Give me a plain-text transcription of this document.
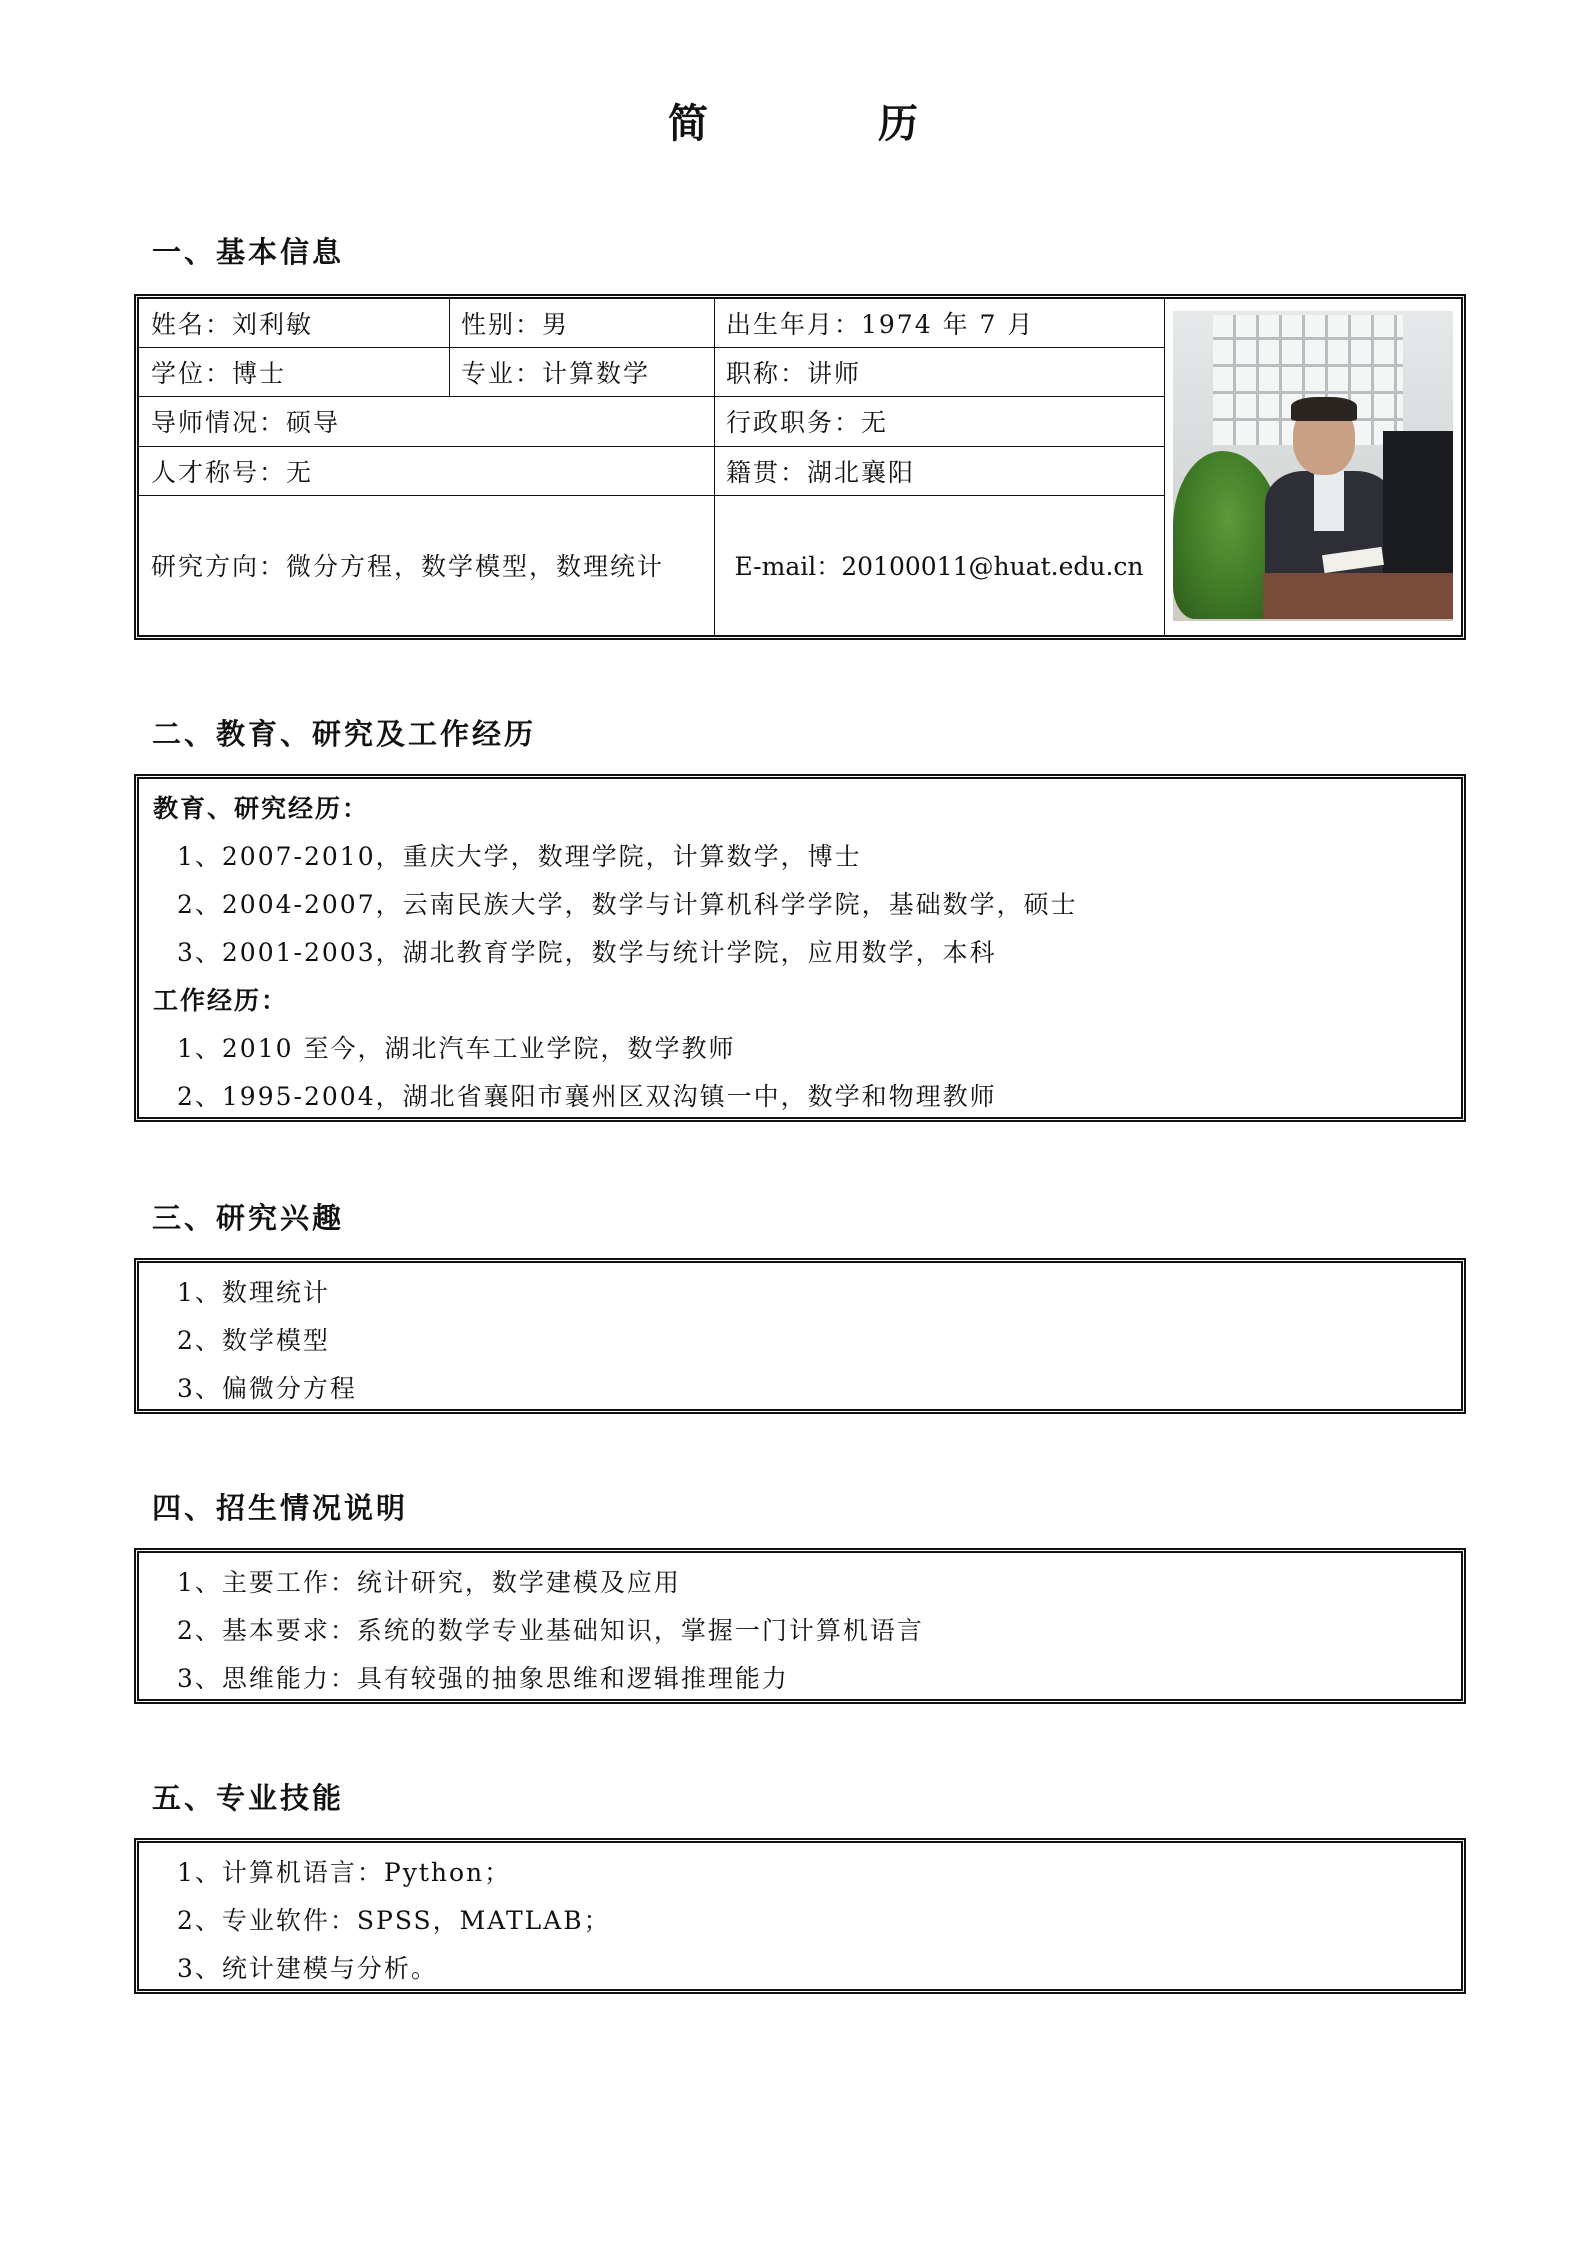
简	历
一、基本信息
姓名：刘利敏	性别：男	出生年月：1974 年 7 月
学位：博士	专业：计算数学	职称：讲师
导师情况：硕导	行政职务：无
人才称号：无	籍贯：湖北襄阳
研究方向：微分方程，数学模型，数理统计	E-mail：20100011@huat.edu.cn
二、教育、研究及工作经历
教育、研究经历：
1、2007-2010，重庆大学，数理学院，计算数学，博士
2、2004-2007，云南民族大学，数学与计算机科学学院，基础数学，硕士
3、2001-2003，湖北教育学院，数学与统计学院，应用数学，本科
工作经历：
1、2010 至今，湖北汽车工业学院，数学教师
2、1995-2004，湖北省襄阳市襄州区双沟镇一中，数学和物理教师
三、研究兴趣
1、数理统计
2、数学模型
3、偏微分方程
四、招生情况说明
1、主要工作：统计研究，数学建模及应用
2、基本要求：系统的数学专业基础知识，掌握一门计算机语言
3、思维能力：具有较强的抽象思维和逻辑推理能力
五、专业技能
1、计算机语言：Python；
2、专业软件：SPSS，MATLAB；
3、统计建模与分析。
